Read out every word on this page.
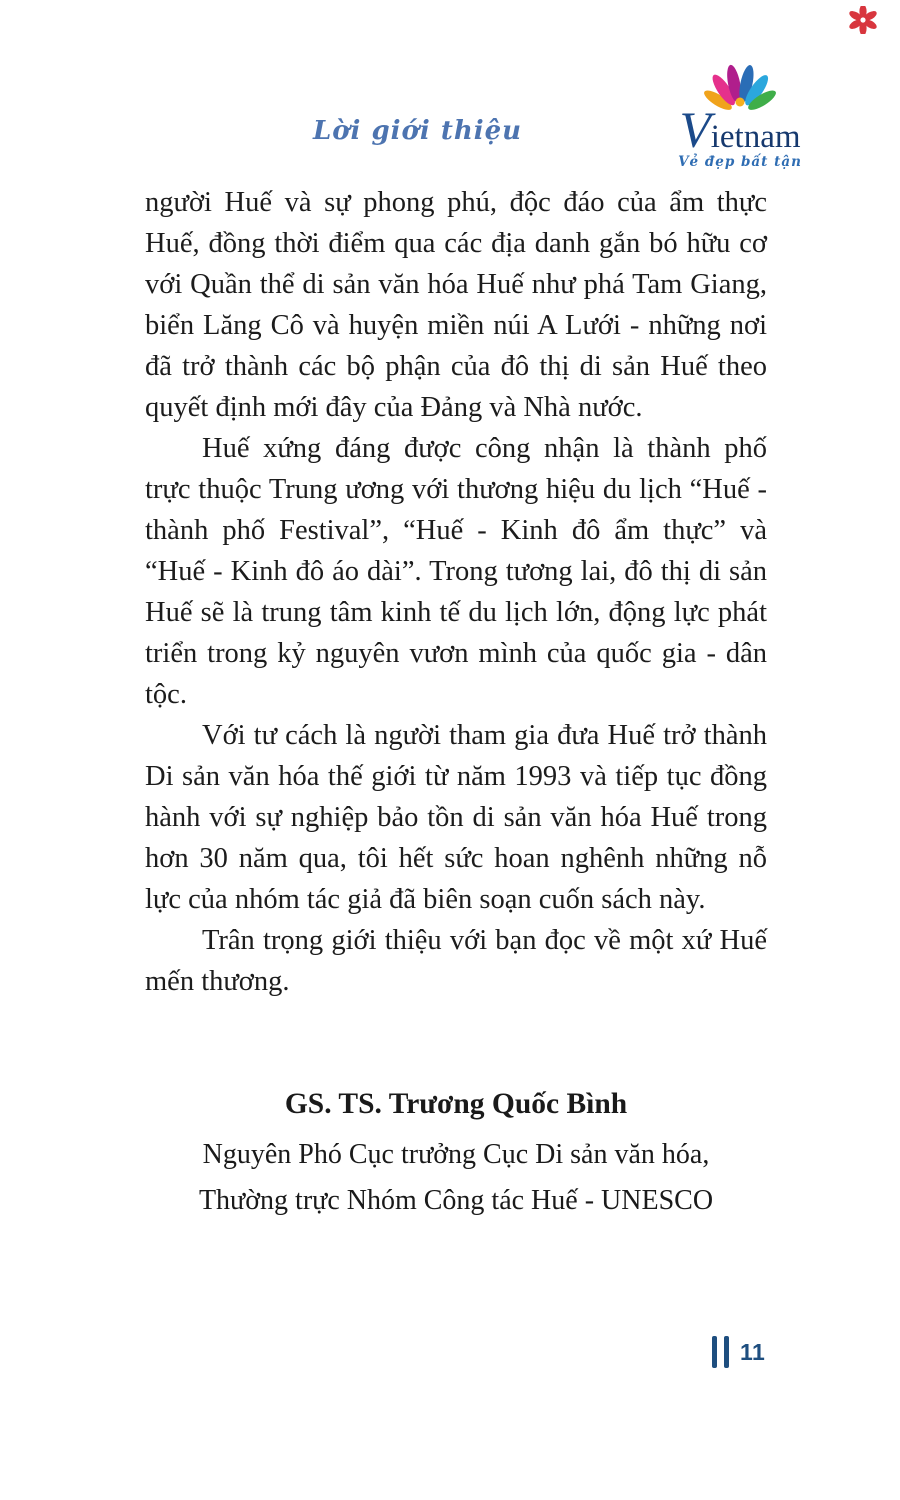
Lời giới thiệu	Vietnam
Vẻ đẹp bất tận

người Huế và sự phong phú, độc đáo của ẩm thực Huế, đồng thời điểm qua các địa danh gắn bó hữu cơ với Quần thể di sản văn hóa Huế như phá Tam Giang, biển Lăng Cô và huyện miền núi A Lưới - những nơi đã trở thành các bộ phận của đô thị di sản Huế theo quyết định mới đây của Đảng và Nhà nước.

Huế xứng đáng được công nhận là thành phố trực thuộc Trung ương với thương hiệu du lịch “Huế - thành phố Festival”, “Huế - Kinh đô ẩm thực” và “Huế - Kinh đô áo dài”. Trong tương lai, đô thị di sản Huế sẽ là trung tâm kinh tế du lịch lớn, động lực phát triển trong kỷ nguyên vươn mình của quốc gia - dân tộc.

Với tư cách là người tham gia đưa Huế trở thành Di sản văn hóa thế giới từ năm 1993 và tiếp tục đồng hành với sự nghiệp bảo tồn di sản văn hóa Huế trong hơn 30 năm qua, tôi hết sức hoan nghênh những nỗ lực của nhóm tác giả đã biên soạn cuốn sách này.

Trân trọng giới thiệu với bạn đọc về một xứ Huế mến thương.

GS. TS. Trương Quốc Bình
Nguyên Phó Cục trưởng Cục Di sản văn hóa,
Thường trực Nhóm Công tác Huế - UNESCO
11
